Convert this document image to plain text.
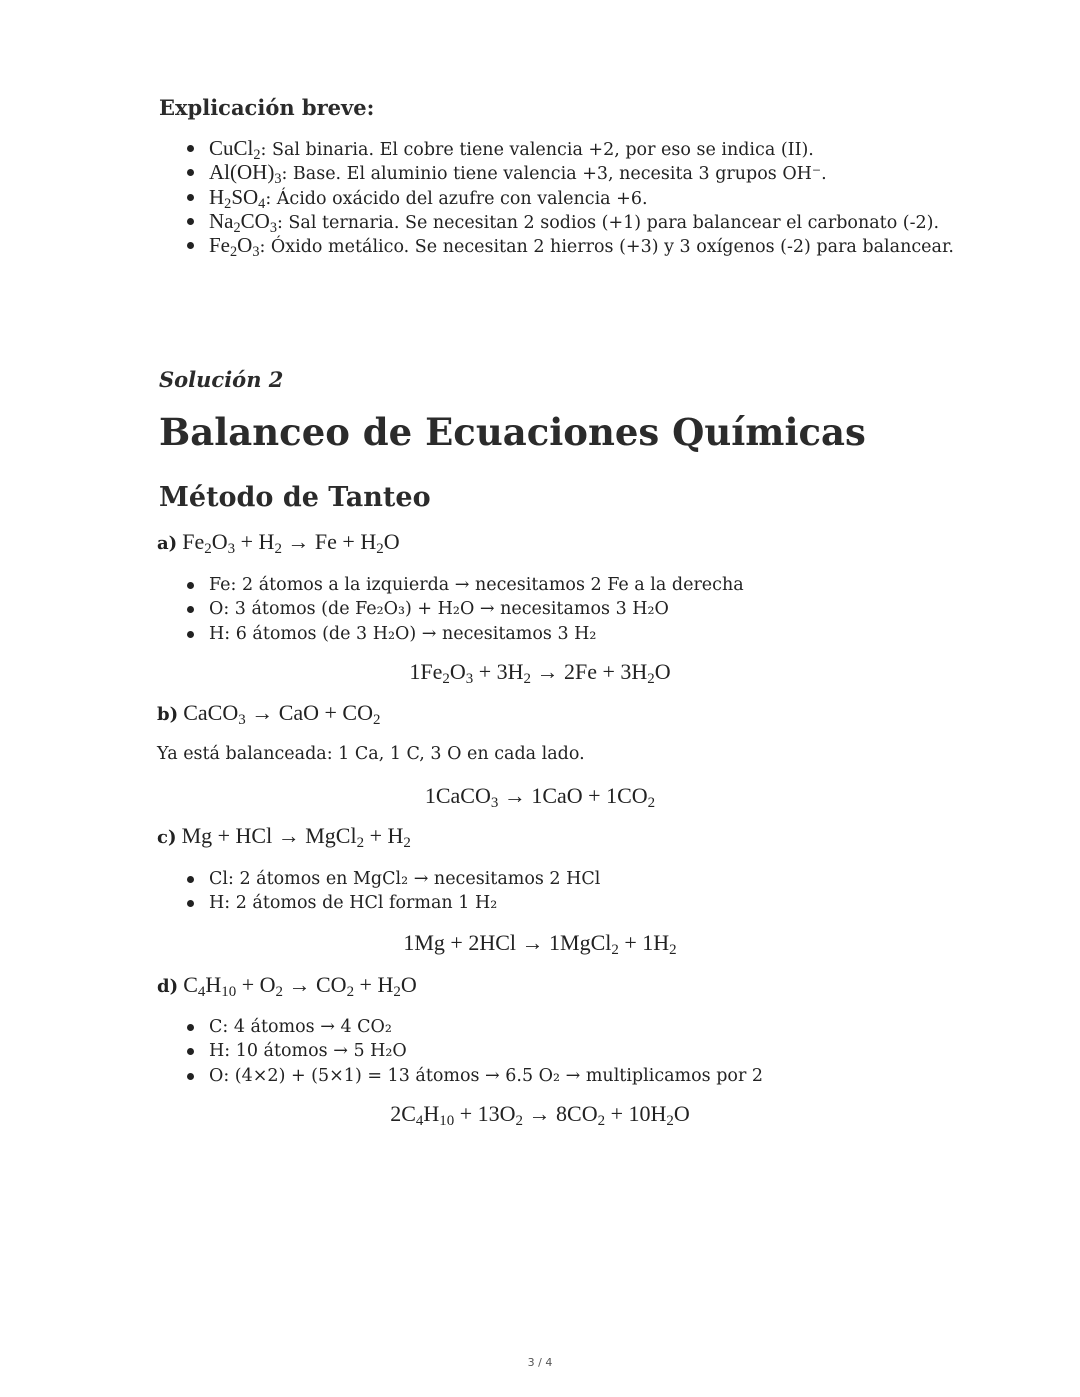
Explicación breve:
CuCl$_2$: Sal binaria. El cobre tiene valencia +2, por eso se indica (II).
$Al(OH)_3$: Base. El aluminio tiene valencia +3, necesita 3 grupos OH⁻.
$H_2SO_4$: Ácido oxácido del azufre con valencia +6.
$Na_2CO_3$: Sal ternaria. Se necesitan 2 sodios (+1) para balancear el carbonato (-2).
$Fe_2O_3$: Óxido metálico. Se necesitan 2 hierros (+3) y 3 oxígenos (-2) para balancear.
Solución 2
Balanceo de Ecuaciones Químicas
Método de Tanteo
a) $Fe_2O_3 + H_2 \to Fe + H_2O$
Fe: 2 átomos a la izquierda → necesitamos 2 Fe a la derecha
O: 3 átomos (de Fe₂O₃) + H₂O → necesitamos 3 H₂O
H: 6 átomos (de 3 H₂O) → necesitamos 3 H₂
$1Fe_2O_3 + 3H_2 \to 2Fe + 3H_2O$
b) CaCO$_3$ → CaO + $CO_2$
Ya está balanceada: 1 Ca, 1 C, 3 O en cada lado.
1CaCO$_3$ → $1CaO + 1CO_2$
c) Mg + HCl → MgCl$_2$ + $H_2$
Cl: 2 átomos en MgCl₂ → necesitamos 2 HCl
H: 2 átomos de HCl forman 1 H₂
1Mg + 2HCl → 1MgCl$_2$ + $1H_2$
d) $C_4H_{10} + O_2 \to CO_2 + H_2O$
C: 4 átomos → 4 CO₂
H: 10 átomos → 5 H₂O
O: (4×2) + (5×1) = 13 átomos → 6.5 O₂ → multiplicamos por 2
$2C_4H_{10} + 13O_2 \to 8CO_2 + 10H_2O$
3 / 4
